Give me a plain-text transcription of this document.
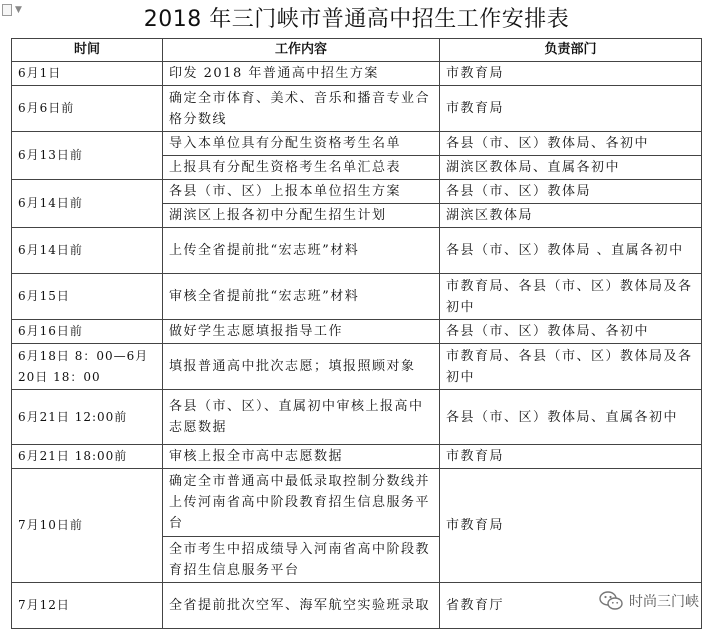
▼	2018 年三门峡市普通高中招生工作安排表
时间	工作内容	负责部门
6月1日	印发 2018 年普通高中招生方案	市教育局
6月6日前	确定全市体育、美术、音乐和播音专业合格分数线	市教育局
6月13日前	导入本单位具有分配生资格考生名单	各县（市、区）教体局、各初中
	上报具有分配生资格考生名单汇总表	湖滨区教体局、直属各初中
6月14日前	各县（市、区）上报本单位招生方案	各县（市、区）教体局
	湖滨区上报各初中分配生招生计划	湖滨区教体局
6月14日前	上传全省提前批“宏志班”材料	各县（市、区）教体局 、直属各初中
6月15日	审核全省提前批“宏志班”材料	市教育局、各县（市、区）教体局及各初中
6月16日前	做好学生志愿填报指导工作	各县（市、区）教体局、各初中
6月18日 8：00—6月20日 18：00	填报普通高中批次志愿；填报照顾对象	市教育局、各县（市、区）教体局及各初中
6月21日 12:00前	各县（市、区）、直属初中审核上报高中志愿数据	各县（市、区）教体局、直属各初中
6月21日 18:00前	审核上报全市高中志愿数据	市教育局
7月10日前	确定全市普通高中最低录取控制分数线并上传河南省高中阶段教育招生信息服务平台	市教育局
	全市考生中招成绩导入河南省高中阶段教育招生信息服务平台	
7月12日	全省提前批次空军、海军航空实验班录取	省教育厅	时尚三门峡
